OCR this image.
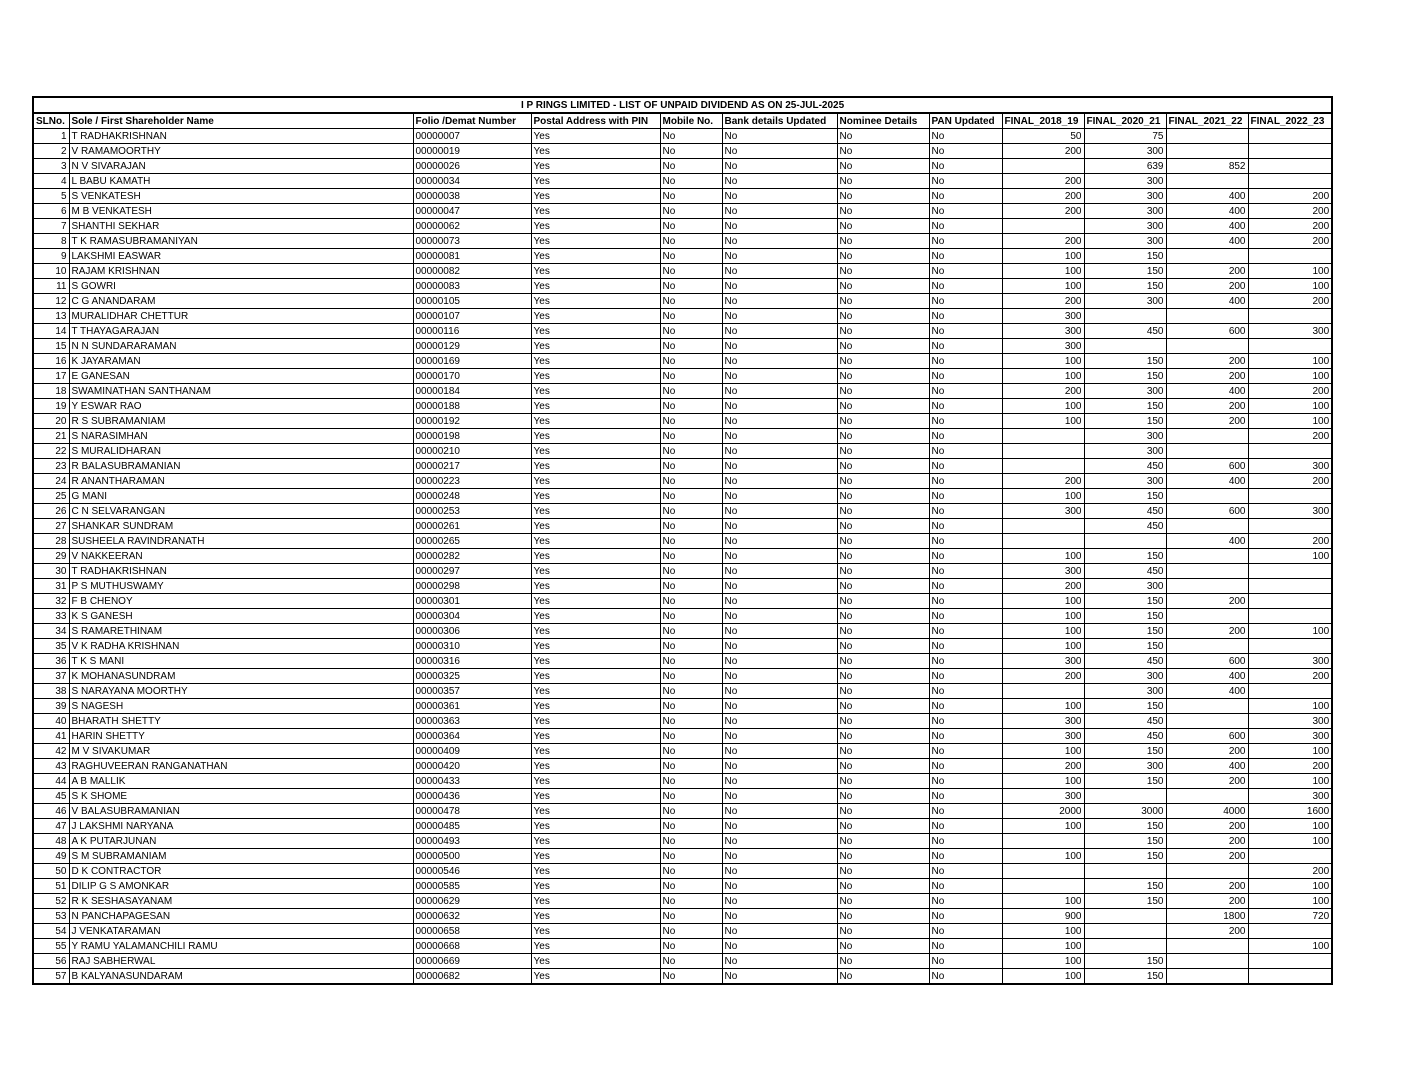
I P RINGS LIMITED - LIST OF UNPAID DIVIDEND AS ON 25-JUL-2025											
SLNo.	Sole / First Shareholder Name	Folio /Demat Number	Postal Address with PIN	Mobile No.	Bank details Updated	Nominee Details	PAN Updated	FINAL_2018_19	FINAL_2020_21	FINAL_2021_22	FINAL_2022_23
1	T RADHAKRISHNAN	00000007	Yes	No	No	No	No	50	75		
2	V RAMAMOORTHY	00000019	Yes	No	No	No	No	200	300		
3	N V SIVARAJAN	00000026	Yes	No	No	No	No		639	852	
4	L BABU KAMATH	00000034	Yes	No	No	No	No	200	300		
5	S VENKATESH	00000038	Yes	No	No	No	No	200	300	400	200
6	M B VENKATESH	00000047	Yes	No	No	No	No	200	300	400	200
7	SHANTHI SEKHAR	00000062	Yes	No	No	No	No		300	400	200
8	T K RAMASUBRAMANIYAN	00000073	Yes	No	No	No	No	200	300	400	200
9	LAKSHMI EASWAR	00000081	Yes	No	No	No	No	100	150		
10	RAJAM KRISHNAN	00000082	Yes	No	No	No	No	100	150	200	100
11	S GOWRI	00000083	Yes	No	No	No	No	100	150	200	100
12	C G ANANDARAM	00000105	Yes	No	No	No	No	200	300	400	200
13	MURALIDHAR CHETTUR	00000107	Yes	No	No	No	No	300			
14	T THAYAGARAJAN	00000116	Yes	No	No	No	No	300	450	600	300
15	N N SUNDARARAMAN	00000129	Yes	No	No	No	No	300			
16	K JAYARAMAN	00000169	Yes	No	No	No	No	100	150	200	100
17	E GANESAN	00000170	Yes	No	No	No	No	100	150	200	100
18	SWAMINATHAN SANTHANAM	00000184	Yes	No	No	No	No	200	300	400	200
19	Y ESWAR RAO	00000188	Yes	No	No	No	No	100	150	200	100
20	R S SUBRAMANIAM	00000192	Yes	No	No	No	No	100	150	200	100
21	S NARASIMHAN	00000198	Yes	No	No	No	No		300		200
22	S MURALIDHARAN	00000210	Yes	No	No	No	No		300		
23	R BALASUBRAMANIAN	00000217	Yes	No	No	No	No		450	600	300
24	R ANANTHARAMAN	00000223	Yes	No	No	No	No	200	300	400	200
25	G MANI	00000248	Yes	No	No	No	No	100	150		
26	C N SELVARANGAN	00000253	Yes	No	No	No	No	300	450	600	300
27	SHANKAR SUNDRAM	00000261	Yes	No	No	No	No		450		
28	SUSHEELA RAVINDRANATH	00000265	Yes	No	No	No	No			400	200
29	V NAKKEERAN	00000282	Yes	No	No	No	No	100	150		100
30	T RADHAKRISHNAN	00000297	Yes	No	No	No	No	300	450		
31	P S MUTHUSWAMY	00000298	Yes	No	No	No	No	200	300		
32	F B CHENOY	00000301	Yes	No	No	No	No	100	150	200	
33	K S GANESH	00000304	Yes	No	No	No	No	100	150		
34	S RAMARETHINAM	00000306	Yes	No	No	No	No	100	150	200	100
35	V K RADHA KRISHNAN	00000310	Yes	No	No	No	No	100	150		
36	T K S MANI	00000316	Yes	No	No	No	No	300	450	600	300
37	K MOHANASUNDRAM	00000325	Yes	No	No	No	No	200	300	400	200
38	S NARAYANA MOORTHY	00000357	Yes	No	No	No	No		300	400	
39	S NAGESH	00000361	Yes	No	No	No	No	100	150		100
40	BHARATH SHETTY	00000363	Yes	No	No	No	No	300	450		300
41	HARIN SHETTY	00000364	Yes	No	No	No	No	300	450	600	300
42	M V SIVAKUMAR	00000409	Yes	No	No	No	No	100	150	200	100
43	RAGHUVEERAN RANGANATHAN	00000420	Yes	No	No	No	No	200	300	400	200
44	A B MALLIK	00000433	Yes	No	No	No	No	100	150	200	100
45	S K SHOME	00000436	Yes	No	No	No	No	300			300
46	V BALASUBRAMANIAN	00000478	Yes	No	No	No	No	2000	3000	4000	1600
47	J LAKSHMI NARYANA	00000485	Yes	No	No	No	No	100	150	200	100
48	A K PUTARJUNAN	00000493	Yes	No	No	No	No		150	200	100
49	S M SUBRAMANIAM	00000500	Yes	No	No	No	No	100	150	200	
50	D K CONTRACTOR	00000546	Yes	No	No	No	No				200
51	DILIP G S AMONKAR	00000585	Yes	No	No	No	No		150	200	100
52	R K SESHASAYANAM	00000629	Yes	No	No	No	No	100	150	200	100
53	N PANCHAPAGESAN	00000632	Yes	No	No	No	No	900		1800	720
54	J VENKATARAMAN	00000658	Yes	No	No	No	No	100		200	
55	Y RAMU YALAMANCHILI RAMU	00000668	Yes	No	No	No	No	100			100
56	RAJ SABHERWAL	00000669	Yes	No	No	No	No	100	150		
57	B KALYANASUNDARAM	00000682	Yes	No	No	No	No	100	150		
